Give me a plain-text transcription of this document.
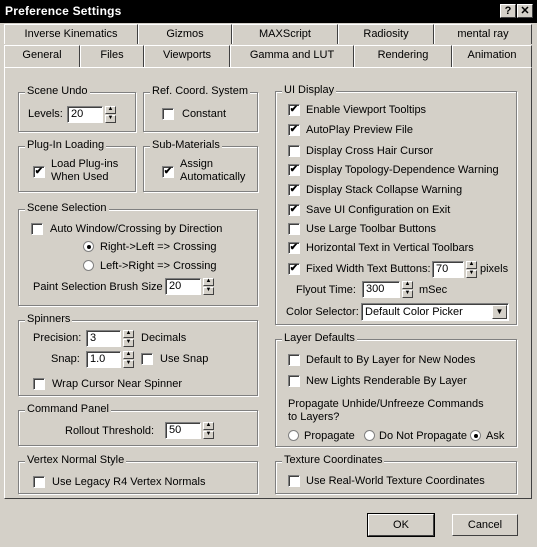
Preference Settings	? ✕
Inverse Kinematics	Gizmos	MAXScript	Radiosity	mental ray
General	Files	Viewports	Gamma and LUT	Rendering	Animation
Scene Undo
Levels: 20	▲
▼
Ref. Coord. System
Constant
Plug-In Loading
✔
Load Plug-ins
When Used
Sub-Materials
✔
Assign
Automatically
Scene Selection
Auto Window/Crossing by Direction
Right->Left => Crossing
Left->Right => Crossing
Paint Selection Brush Size 20	▲
▼
Spinners
Precision: 3	▲
▼ Decimals
Snap: 1.0	▲
▼	Use Snap
Wrap Cursor Near Spinner
Command Panel
Rollout Threshold:	50	▲
▼
Vertex Normal Style
Use Legacy R4 Vertex Normals
UI Display
✔ Enable Viewport Tooltips
✔ AutoPlay Preview File
Display Cross Hair Cursor
✔ Display Topology-Dependence Warning
✔ Display Stack Collapse Warning
✔ Save UI Configuration on Exit
Use Large Toolbar Buttons
✔ Horizontal Text in Vertical Toolbars
✔ Fixed Width Text Buttons: 70	▲
▼ pixels
Flyout Time: 300	▲
▼ mSec
Color Selector: Default Color Picker	▼
Layer Defaults
Default to By Layer for New Nodes
New Lights Renderable By Layer
Propagate Unhide/Unfreeze Commands
to Layers?
Propagate Do Not Propagate Ask
Texture Coordinates
Use Real-World Texture Coordinates
OK	Cancel
